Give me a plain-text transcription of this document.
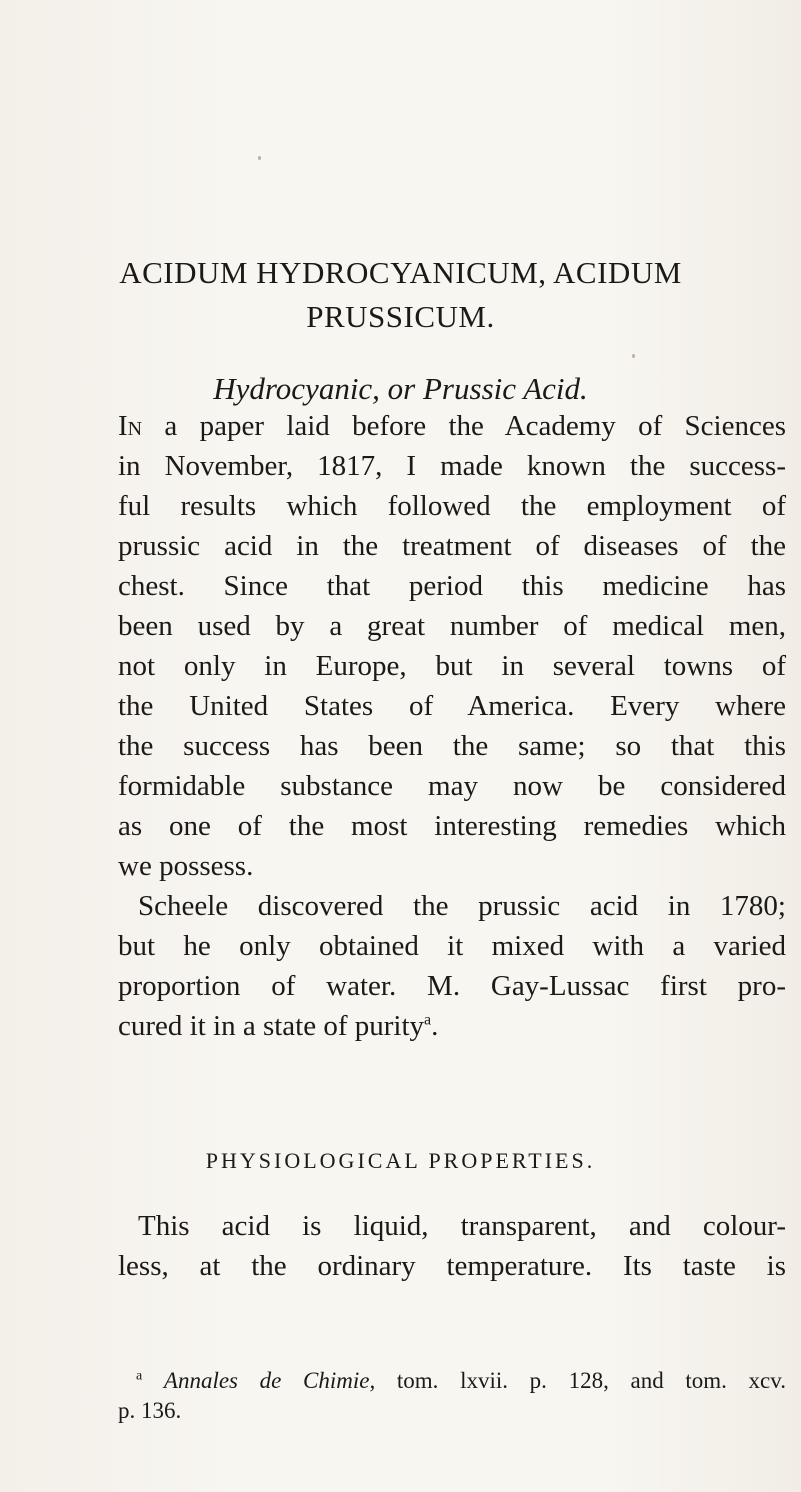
ACIDUM HYDROCYANICUM, ACIDUM
PRUSSICUM.
Hydrocyanic, or Prussic Acid.
In a paper laid before the Academy of Sciences
in November, 1817, I made known the success-
ful results which followed the employment of
prussic acid in the treatment of diseases of the
chest. Since that period this medicine has
been used by a great number of medical men,
not only in Europe, but in several towns of
the United States of America. Every where
the success has been the same; so that this
formidable substance may now be considered
as one of the most interesting remedies which
we possess.
Scheele discovered the prussic acid in 1780;
but he only obtained it mixed with a varied
proportion of water. M. Gay-Lussac first pro-
cured it in a state of purity$^a$.
PHYSIOLOGICAL PROPERTIES.
This acid is liquid, transparent, and colour-
less, at the ordinary temperature. Its taste is
$^a$ Annales de Chimie, tom. lxvii. p. 128, and tom. xcv.
p. 136.
